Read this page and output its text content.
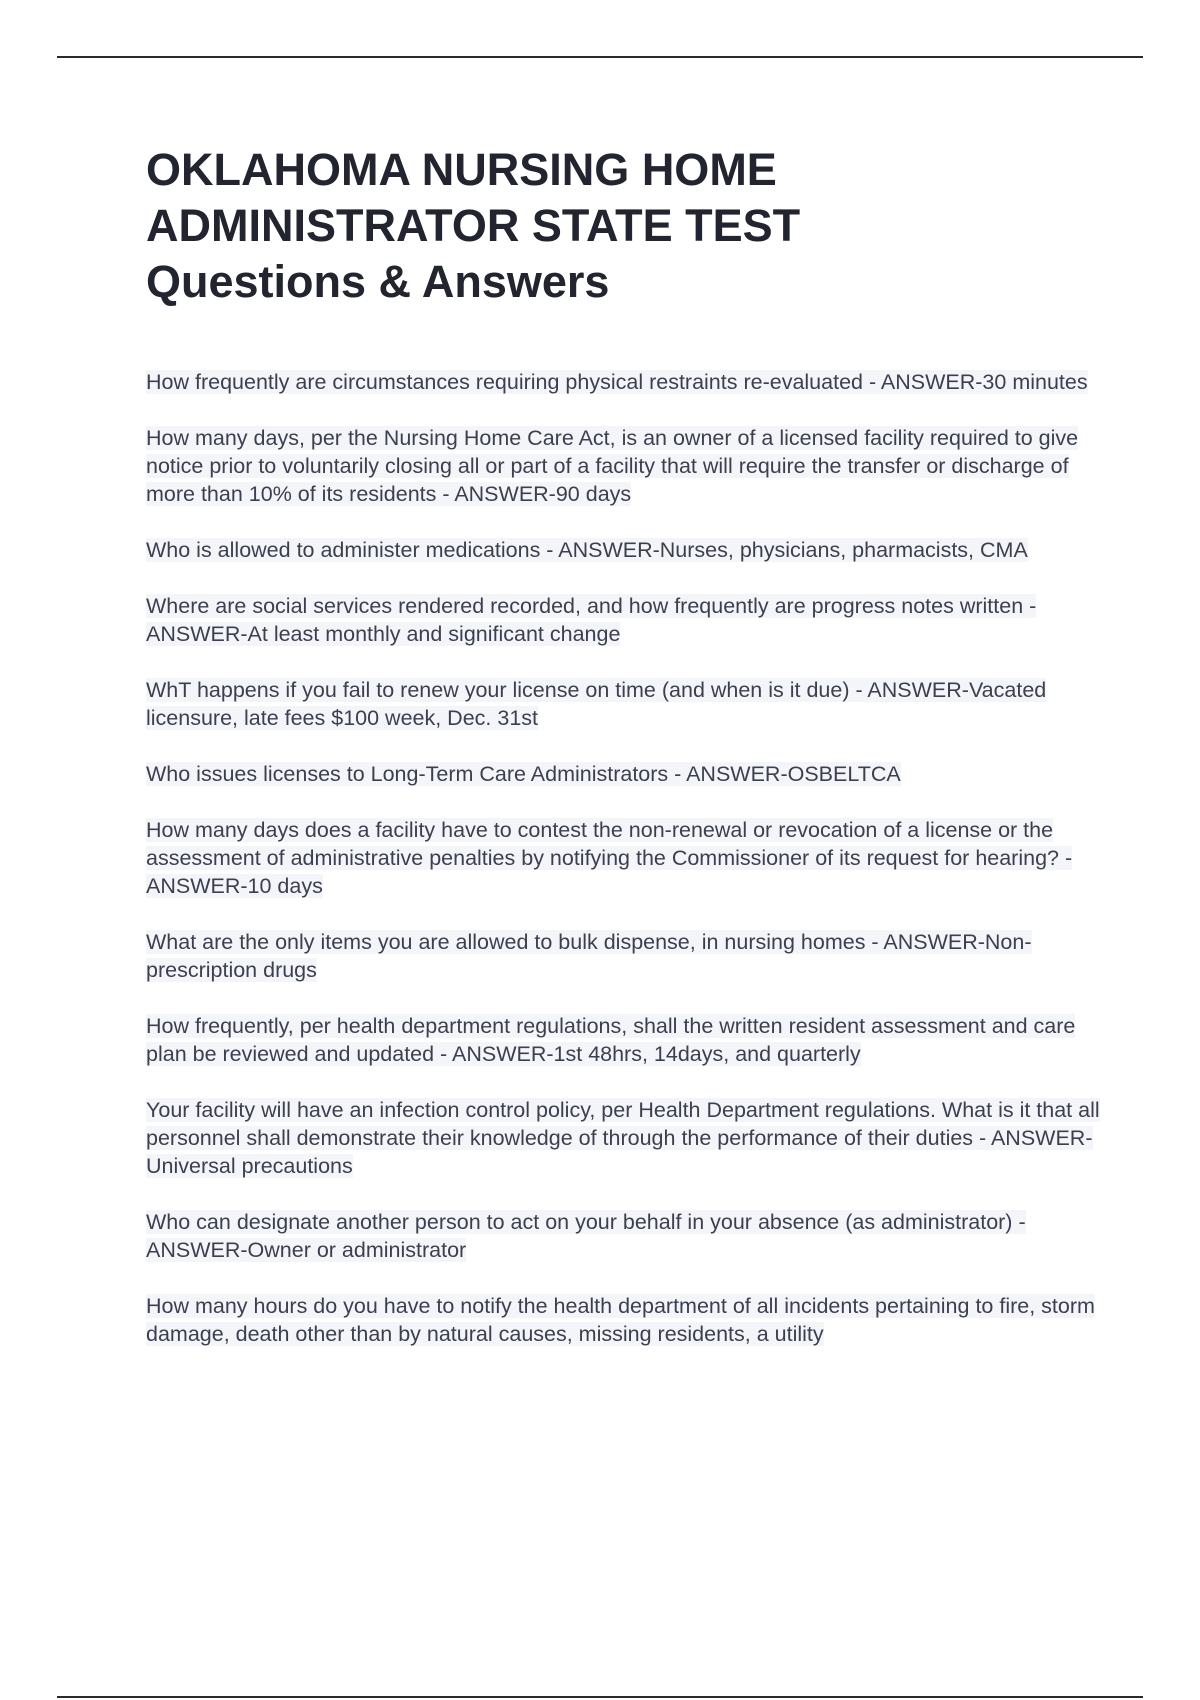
OKLAHOMA NURSING HOME
ADMINISTRATOR STATE TEST
Questions & Answers

How frequently are circumstances requiring physical restraints re-evaluated - ANSWER-30 minutes

How many days, per the Nursing Home Care Act, is an owner of a licensed facility required to give notice prior to voluntarily closing all or part of a facility that will require the transfer or discharge of more than 10% of its residents - ANSWER-90 days

Who is allowed to administer medications - ANSWER-Nurses, physicians, pharmacists, CMA

Where are social services rendered recorded, and how frequently are progress notes written - ANSWER-At least monthly and significant change

WhT happens if you fail to renew your license on time (and when is it due) - ANSWER-Vacated licensure, late fees $100 week, Dec. 31st

Who issues licenses to Long-Term Care Administrators - ANSWER-OSBELTCA

How many days does a facility have to contest the non-renewal or revocation of a license or the assessment of administrative penalties by notifying the Commissioner of its request for hearing? - ANSWER-10 days

What are the only items you are allowed to bulk dispense, in nursing homes - ANSWER-Non-prescription drugs

How frequently, per health department regulations, shall the written resident assessment and care plan be reviewed and updated - ANSWER-1st 48hrs, 14days, and quarterly

Your facility will have an infection control policy, per Health Department regulations. What is it that all personnel shall demonstrate their knowledge of through the performance of their duties - ANSWER-Universal precautions

Who can designate another person to act on your behalf in your absence (as administrator) - ANSWER-Owner or administrator

How many hours do you have to notify the health department of all incidents pertaining to fire, storm damage, death other than by natural causes, missing residents, a utility
